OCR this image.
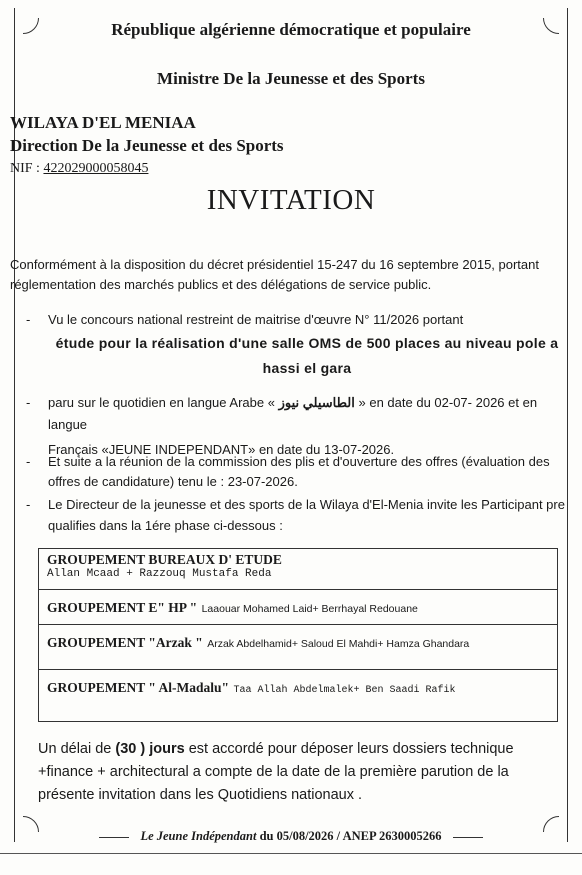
République algérienne démocratique et populaire
Ministre De la Jeunesse et des Sports
WILAYA D'EL MENIAA
Direction De la Jeunesse et des Sports
NIF : 422029000058045
INVITATION
Conformément à la disposition du décret présidentiel 15-247 du 16 septembre 2015, portant réglementation des marchés publics et des délégations de service public.
- Vu le concours national restreint de maitrise d'œuvre N° 11/2026 portant
étude pour la réalisation d'une salle OMS de 500 places au niveau pole a
hassi el gara
- paru sur le quotidien en langue Arabe « الطاسيلي نيوز » en date du 02-07- 2026 et en langue
Français «JEUNE INDEPENDANT» en date du 13-07-2026.
- Et suite a la réunion de la commission des plis et d'ouverture des offres (évaluation des offres de candidature) tenu le : 23-07-2026.
- Le Directeur de la jeunesse et des sports de la Wilaya d'El-Menia invite les Participant pre qualifies dans la 1ére phase ci-dessous :
GROUPEMENT BUREAUX D' ETUDE
Allan Mcaad + Razzouq Mustafa Reda
GROUPEMENT E" HP " Laaouar Mohamed Laid+ Berrhayal Redouane
GROUPEMENT "Arzak " Arzak Abdelhamid+ Saloud El Mahdi+ Hamza Ghandara
GROUPEMENT " Al-Madalu" Taa Allah Abdelmalek+ Ben Saadi Rafik
Un délai de (30 ) jours est accordé pour déposer leurs dossiers technique +finance + architectural a compte de la date de la première parution de la présente invitation dans les Quotidiens nationaux .
Le Jeune Indépendant du 05/08/2026 / ANEP 2630005266
